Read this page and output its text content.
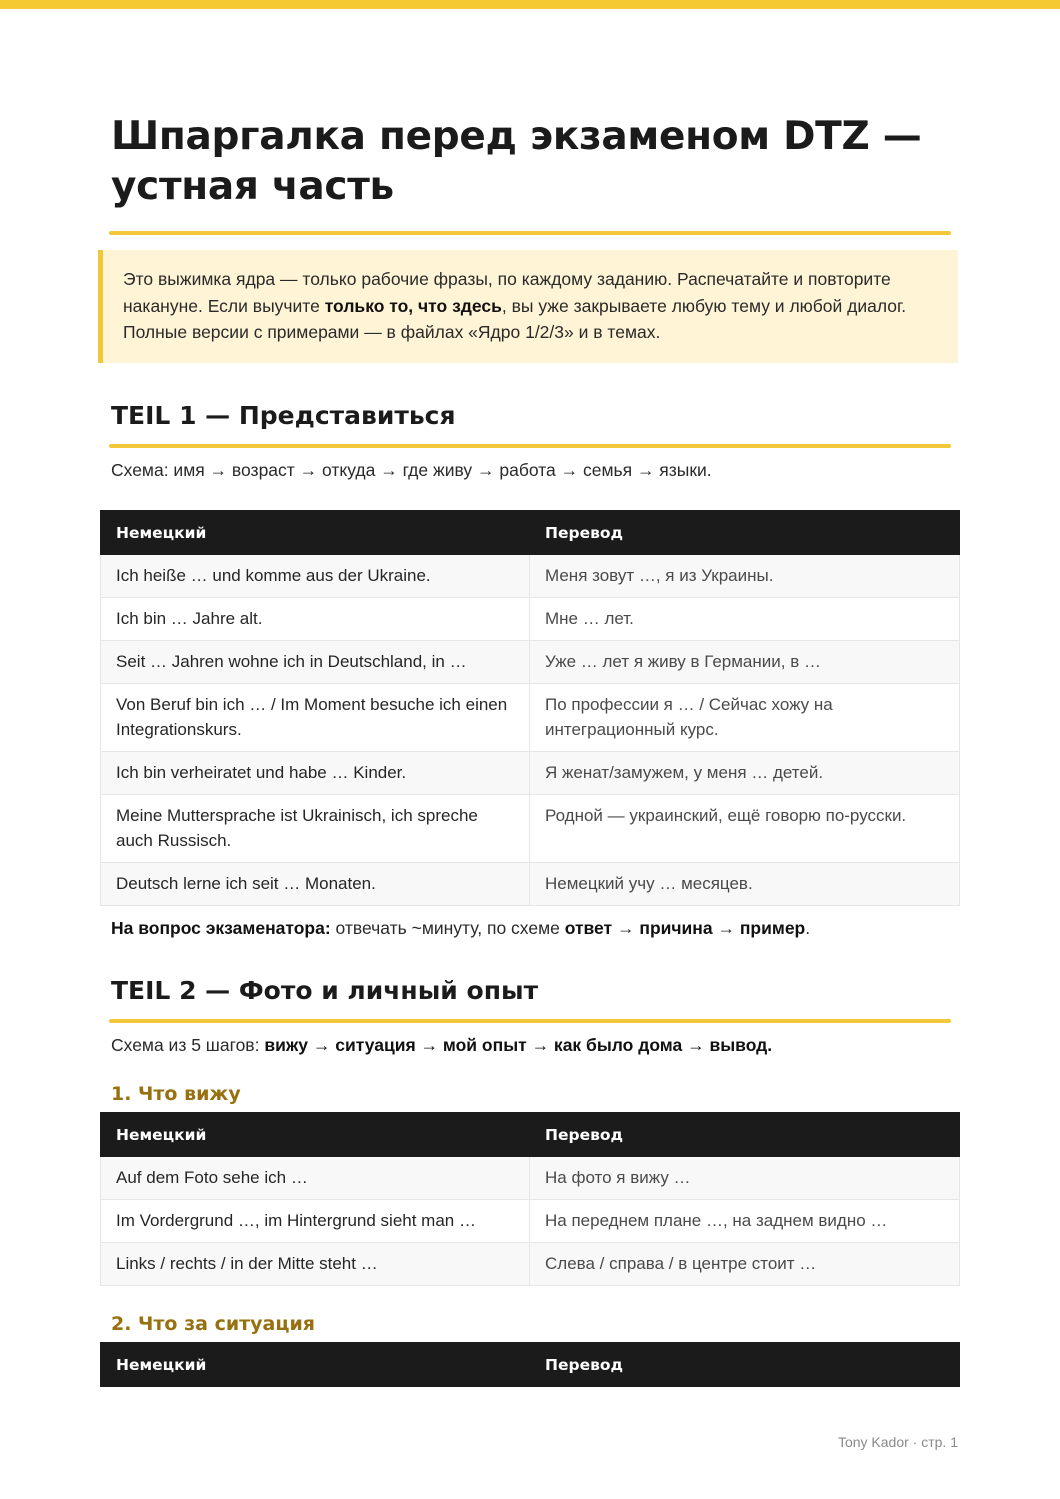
Шпаргалка перед экзаменом DTZ — устная часть
Это выжимка ядра — только рабочие фразы, по каждому заданию. Распечатайте и повторите накануне. Если выучите только то, что здесь, вы уже закрываете любую тему и любой диалог. Полные версии с примерами — в файлах «Ядро 1/2/3» и в темах.
TEIL 1 — Представиться

Схема: имя → возраст → откуда → где живу → работа → семья → языки.

Немецкий	Перевод
Ich heiße … und komme aus der Ukraine.	Меня зовут …, я из Украины.
Ich bin … Jahre alt.	Мне … лет.
Seit … Jahren wohne ich in Deutschland, in …	Уже … лет я живу в Германии, в …
Von Beruf bin ich … / Im Moment besuche ich einen Integrationskurs.	По профессии я … / Сейчас хожу на интеграционный курс.
Ich bin verheiratet und habe … Kinder.	Я женат/замужем, у меня … детей.
Meine Muttersprache ist Ukrainisch, ich spreche auch Russisch.	Родной — украинский, ещё говорю по-русски.
Deutsch lerne ich seit … Monaten.	Немецкий учу … месяцев.

На вопрос экзаменатора: отвечать ~минуту, по схеме ответ → причина → пример.

TEIL 2 — Фото и личный опыт

Схема из 5 шагов: вижу → ситуация → мой опыт → как было дома → вывод.

1. Что вижу
Немецкий	Перевод
Auf dem Foto sehe ich …	На фото я вижу …
Im Vordergrund …, im Hintergrund sieht man …	На переднем плане …, на заднем видно …
Links / rechts / in der Mitte steht …	Слева / справа / в центре стоит …
2. Что за ситуация
Немецкий	Перевод
Tony Kador · стр. 1
